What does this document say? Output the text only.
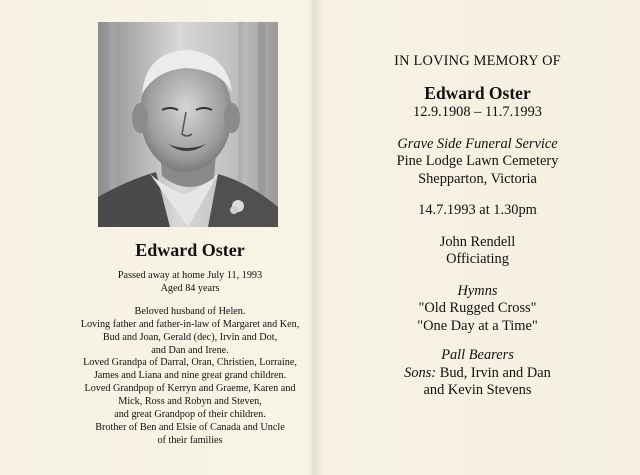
Edward Oster

Passed away at home July 11, 1993

Aged 84 years

Beloved husband of Helen.

Loving father and father-in-law of Margaret and Ken,

Bud and Joan, Gerald (dec), Irvin and Dot,

and Dan and Irene.

Loved Grandpa of Darral, Oran, Christien, Lorraine,

James and Liana and nine great grand children.

Loved Grandpop of Kerryn and Graeme, Karen and

Mick, Ross and Robyn and Steven,

and great Grandpop of their children.

Brother of Ben and Elsie of Canada and Uncle

of their families

IN LOVING MEMORY OF

Edward Oster

12.9.1908 – 11.7.1993

Grave Side Funeral Service

Pine Lodge Lawn Cemetery

Shepparton, Victoria

14.7.1993 at 1.30pm

John Rendell

Officiating

Hymns

"Old Rugged Cross"

"One Day at a Time"

Pall Bearers

Sons: Bud, Irvin and Dan

and Kevin Stevens
